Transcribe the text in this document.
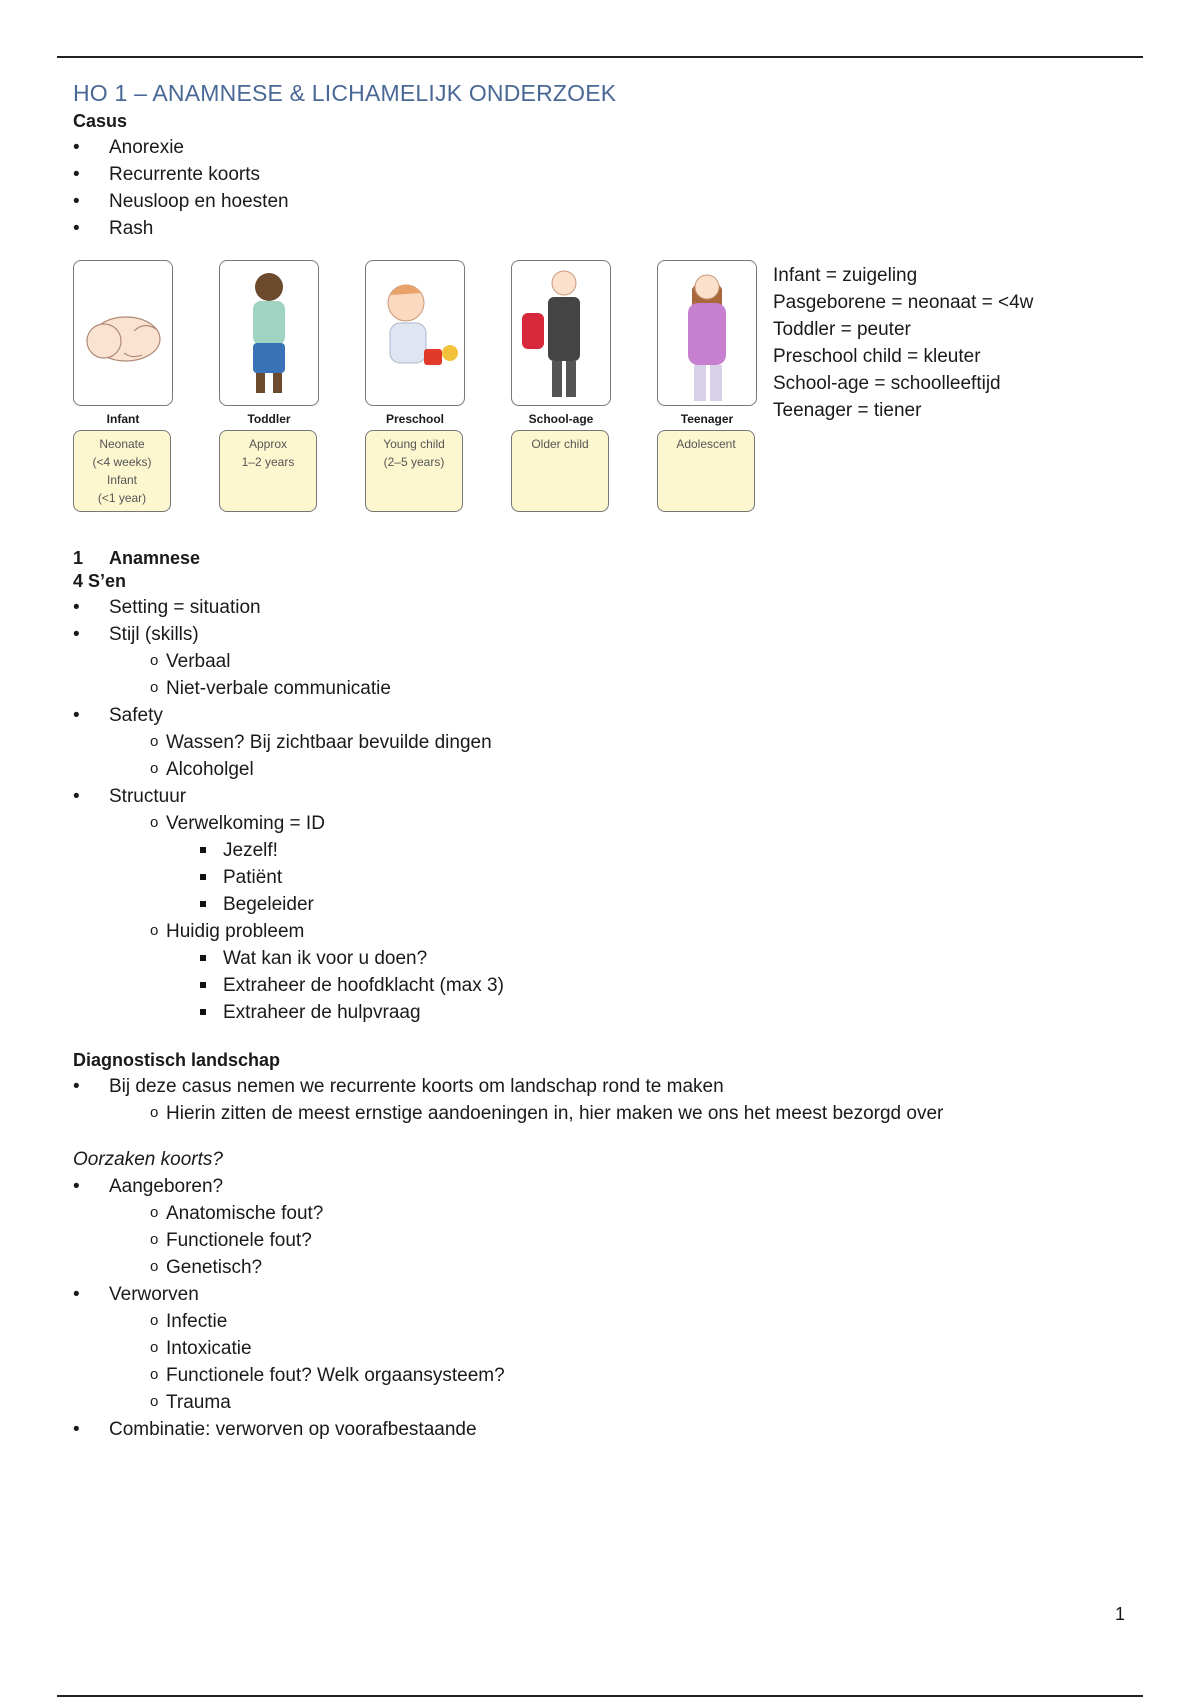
HO 1 – ANAMNESE & LICHAMELIJK ONDERZOEK
Casus
• Anorexie
• Recurrente koorts
• Neusloop en hoesten
• Rash
Infant
Neonate
(<4 weeks)
Infant
(<1 year)
Toddler
Approx
1–2 years
Preschool
Young child
(2–5 years)
School-age
Older child
Teenager
Adolescent
Infant = zuigeling
Pasgeborene = neonaat = <4w
Toddler = peuter
Preschool child = kleuter
School-age = schoolleeftijd
Teenager = tiener
1 Anamnese
4 S’en
• Setting = situation
• Stijl (skills)
o Verbaal
o Niet-verbale communicatie
• Safety
o Wassen? Bij zichtbaar bevuilde dingen
o Alcoholgel
• Structuur
o Verwelkoming = ID
Jezelf!
Patiënt
Begeleider
o Huidig probleem
Wat kan ik voor u doen?
Extraheer de hoofdklacht (max 3)
Extraheer de hulpvraag
Diagnostisch landschap
• Bij deze casus nemen we recurrente koorts om landschap rond te maken
o Hierin zitten de meest ernstige aandoeningen in, hier maken we ons het meest bezorgd over
Oorzaken koorts?
• Aangeboren?
o Anatomische fout?
o Functionele fout?
o Genetisch?
• Verworven
o Infectie
o Intoxicatie
o Functionele fout? Welk orgaansysteem?
o Trauma
• Combinatie: verworven op voorafbestaande
1
